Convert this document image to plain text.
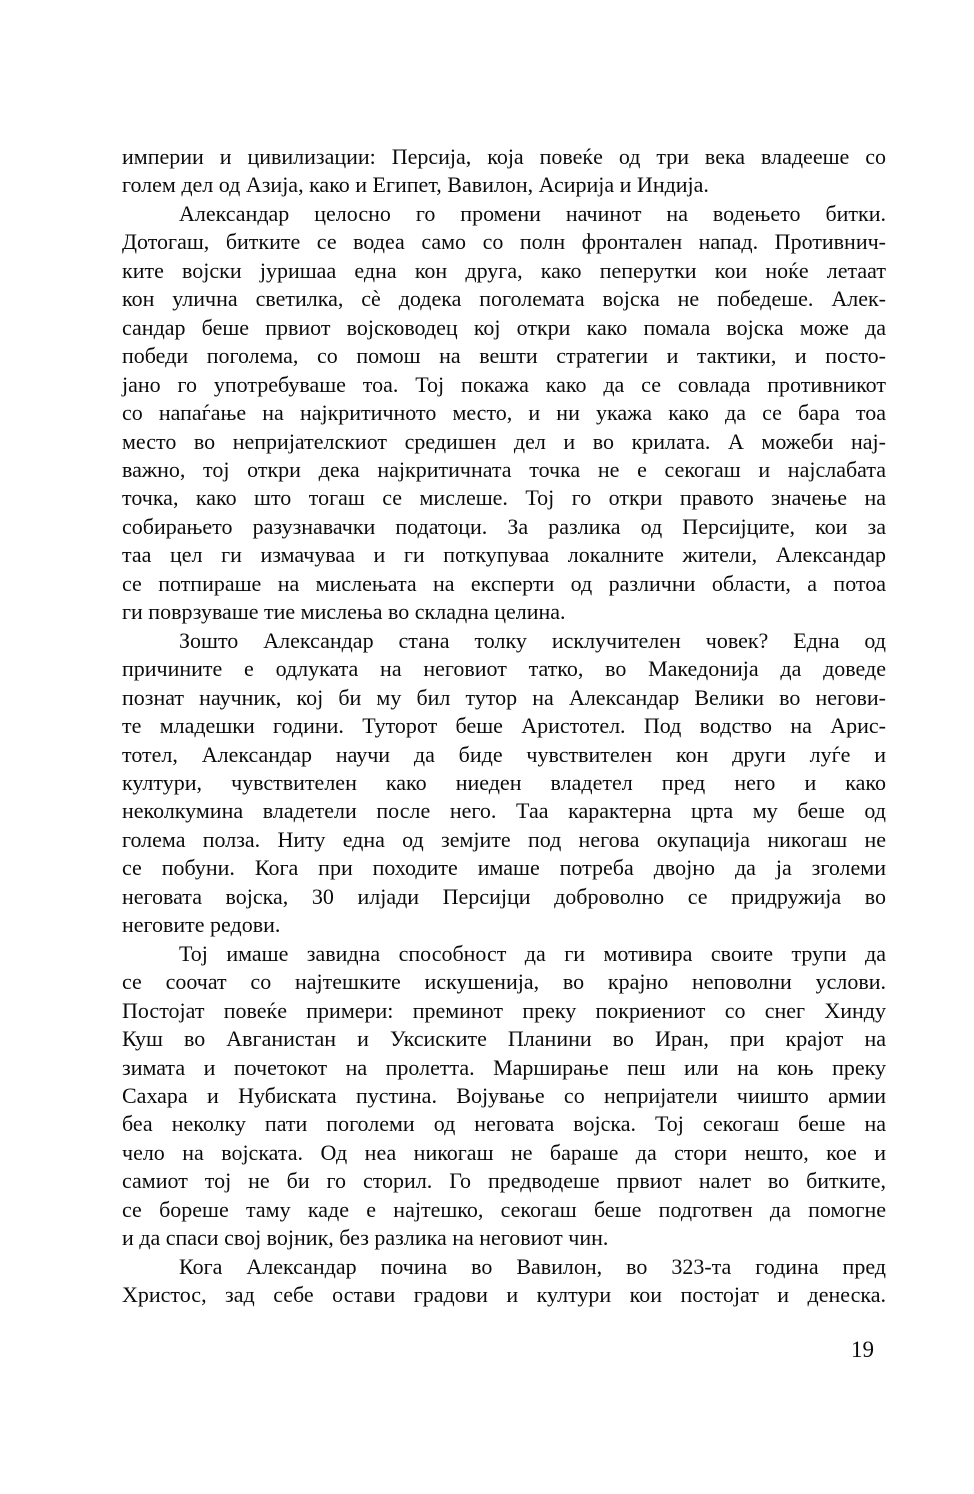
империи и цивилизации: Персија, која повеќе од три века владееше со
голем дел од Азија, како и Египет, Вавилон, Асирија и Индија.
Александар целосно го промени начинот на водењето битки.
Дотогаш, битките се водеа само со полн фронтален напад. Противнич-
ките војски јуришаа една кон друга, како пеперутки кои ноќе летаат
кон улична светилка, сè додека поголемата војска не победеше. Алек-
сандар беше првиот војсководец кој откри како помала војска може да
победи поголема, со помош на вешти стратегии и тактики, и посто-
јано го употребуваше тоа. Тој покажа како да се совлада противникот
со напаѓање на најкритичното место, и ни укажа како да се бара тоа
место во непријателскиот средишен дел и во крилата. А можеби нај-
важно, тој откри дека најкритичната точка не е секогаш и најслабата
точка, како што тогаш се мислеше. Тој го откри правото значење на
собирањето разузнавачки податоци. За разлика од Персијците, кои за
таа цел ги измачуваа и ги поткупуваа локалните жители, Александар
се потпираше на мислењата на експерти од различни области, а потоа
ги поврзуваше тие мислења во складна целина.
Зошто Александар стана толку исклучителен човек? Една од
причините е одлуката на неговиот татко, во Македонија да доведе
познат научник, кој би му бил тутор на Александар Велики во негови-
те младешки години. Туторот беше Аристотел. Под водство на Арис-
тотел, Александар научи да биде чувствителен кон други луѓе и
култури, чувствителен како ниеден владетел пред него и како
неколкумина владетели после него. Таа карактерна црта му беше од
голема полза. Ниту една од земјите под негова окупација никогаш не
се побуни. Кога при походите имаше потреба двојно да ја зголеми
неговата војска, 30 илјади Персијци доброволно се придружија во
неговите редови.
Тој имаше завидна способност да ги мотивира своите трупи да
се соочат со најтешките искушенија, во крајно неповолни услови.
Постојат повеќе примери: преминот преку покриениот со снег Хинду
Куш во Авганистан и Уксиските Планини во Иран, при крајот на
зимата и почетокот на пролетта. Марширање пеш или на коњ преку
Сахара и Нубиската пустина. Војување со непријатели чиишто армии
беа неколку пати поголеми од неговата војска. Тој секогаш беше на
чело на војската. Од неа никогаш не бараше да стори нешто, кое и
самиот тој не би го сторил. Го предводеше првиот налет во битките,
се бореше таму каде е најтешко, секогаш беше подготвен да помогне
и да спаси свој војник, без разлика на неговиот чин.
Кога Александар почина во Вавилон, во 323-та година пред
Христос, зад себе остави градови и култури кои постојат и денеска.
19
